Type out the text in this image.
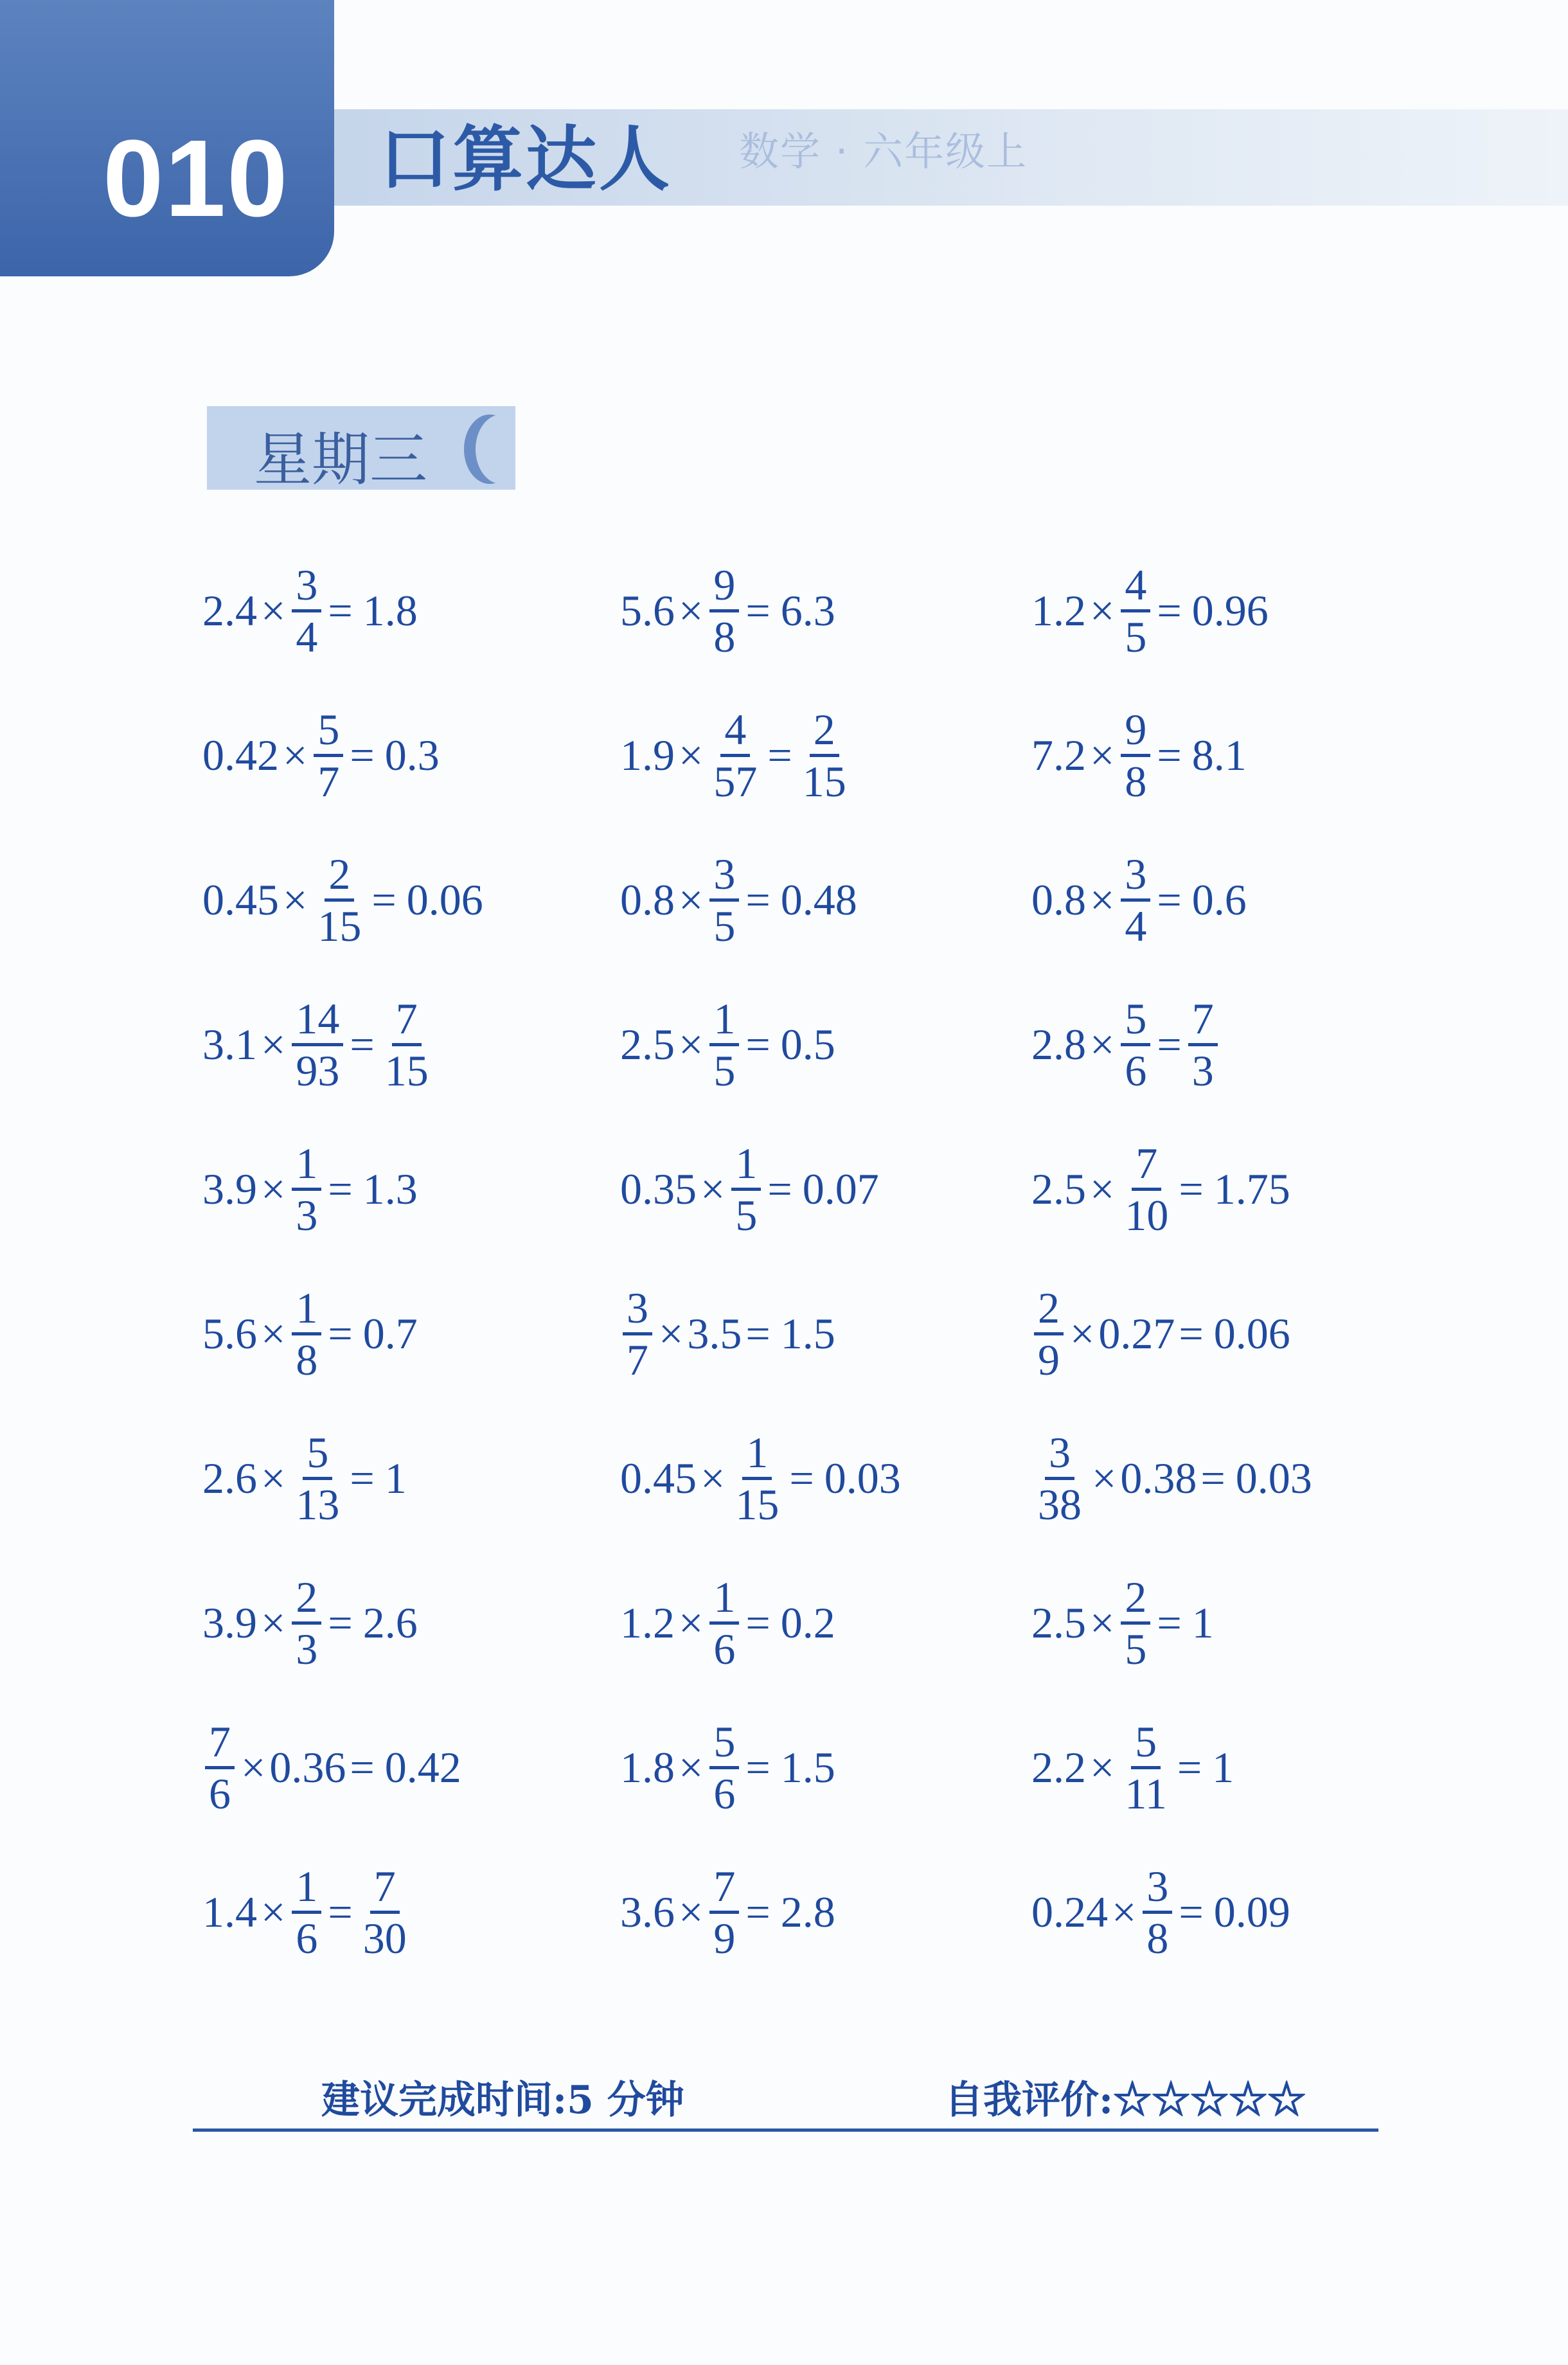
010 口算达人 数学 · 六年级上
星期三
$2.4 \times \frac{3}{4} = 1.8$	$5.6 \times \frac{9}{8} = 6.3$	$1.2 \times \frac{4}{5} = 0.96$
$0.42 \times \frac{5}{7} = 0.3$	$1.9 \times \frac{4}{57} = \frac{2}{15}$	$7.2 \times \frac{9}{8} = 8.1$
$0.45 \times \frac{2}{15} = 0.06$	$0.8 \times \frac{3}{5} = 0.48$	$0.8 \times \frac{3}{4} = 0.6$
$3.1 \times \frac{14}{93} = \frac{7}{15}$	$2.5 \times \frac{1}{5} = 0.5$	$2.8 \times \frac{5}{6} = \frac{7}{3}$
$3.9 \times \frac{1}{3} = 1.3$	$0.35 \times \frac{1}{5} = 0.07$	$2.5 \times \frac{7}{10} = 1.75$
$5.6 \times \frac{1}{8} = 0.7$	$\frac{3}{7} \times 3.5 = 1.5$	$\frac{2}{9} \times 0.27 = 0.06$
$2.6 \times \frac{5}{13} = 1$	$0.45 \times \frac{1}{15} = 0.03$	$\frac{3}{38} \times 0.38 = 0.03$
$3.9 \times \frac{2}{3} = 2.6$	$1.2 \times \frac{1}{6} = 0.2$	$2.5 \times \frac{2}{5} = 1$
$\frac{7}{6} \times 0.36 = 0.42$	$1.8 \times \frac{5}{6} = 1.5$	$2.2 \times \frac{5}{11} = 1$
$1.4 \times \frac{1}{6} = \frac{7}{30}$	$3.6 \times \frac{7}{9} = 2.8$	$0.24 \times \frac{3}{8} = 0.09$
建议完成时间:5 分钟	自我评价:☆☆☆☆☆
